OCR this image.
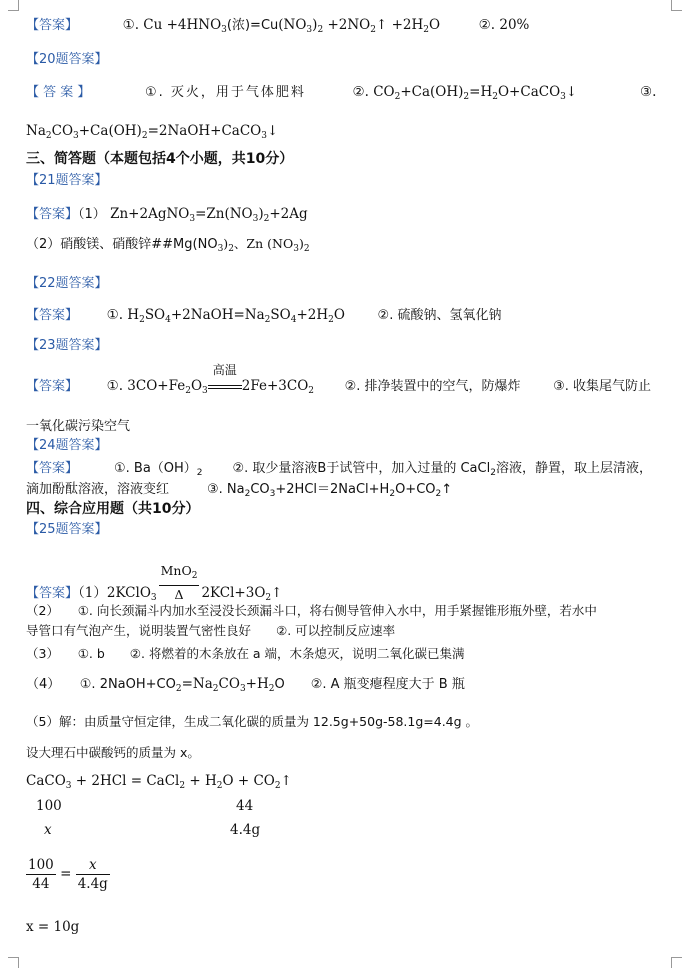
【答案】	①. $Cu +4HNO_3$(浓)$=Cu(NO_3)_2$ $+2NO_2↑ +2H_2O$	②. 20%
【20题答案】
【 答 案 】	①. 灭火，用于气体肥料	②. $CO_2+Ca(OH)_2=H_2O+CaCO_3↓$	③.
$Na_2CO_3+Ca(OH)_2=2NaOH+CaCO_3↓$
三、简答题（本题包括4个小题，共10分）
【21题答案】
【答案】（1） $Zn+2AgNO_3=Zn(NO_3)_2+2Ag$
（2）硝酸镁、硝酸锌$\#\#Mg(NO_3)_2$、Zn $(NO_3)_2$
【22题答案】
【答案】 ①. $H_2SO_4+2NaOH=Na_2SO_4+2H_2O$	②. 硫酸钠、氢氧化钠
【23题答案】
【答案】 ①. $3CO+Fe_2O_3$
高温
$2Fe+3CO_2$ ②. 排净装置中的空气，防爆炸	③. 收集尾气防止
一氧化碳污染空气
【24题答案】
【答案】	①. $Ba(OH)_2$ ②. 取少量溶液B于试管中，加入过量的 CaCl$_2$溶液，静置，取上层清液，
滴加酚酞溶液，溶液变红	③. $Na_2CO_3+2HCl=2NaCl+H_2O+CO_2↑$
四、综合应用题（共10分）
【25题答案】
【答案】（1）2KClO$_3$ $\frac{MnO_2}{\Delta}$ $2KCl+3O_2↑$
（2）　　①. 向长颈漏斗内加水至浸没长颈漏斗口，将右侧导管伸入水中，用手紧握锥形瓶外壁，若水中
导管口有气泡产生，说明装置气密性良好　　②. 可以控制反应速率
（3）　　①. b　　②. 将燃着的木条放在 a 端，木条熄灭，说明二氧化碳已集满
（4）　　①. $2NaOH+CO_2=Na_2CO_3+H_2O$　　②. A 瓶变瘪程度大于 B 瓶
（5）解：由质量守恒定律，生成二氧化碳的质量为 12.5g+50g-58.1g=4.4g 。
设大理石中碳酸钙的质量为 x。
CaCO$_3$ + 2HCl = CaCl$_2$ + $H_2O$ + $CO_2↑$
100	44
x	4.4g
$\frac{100}{44} = \frac{x}{4.4g}$
x = 10g
